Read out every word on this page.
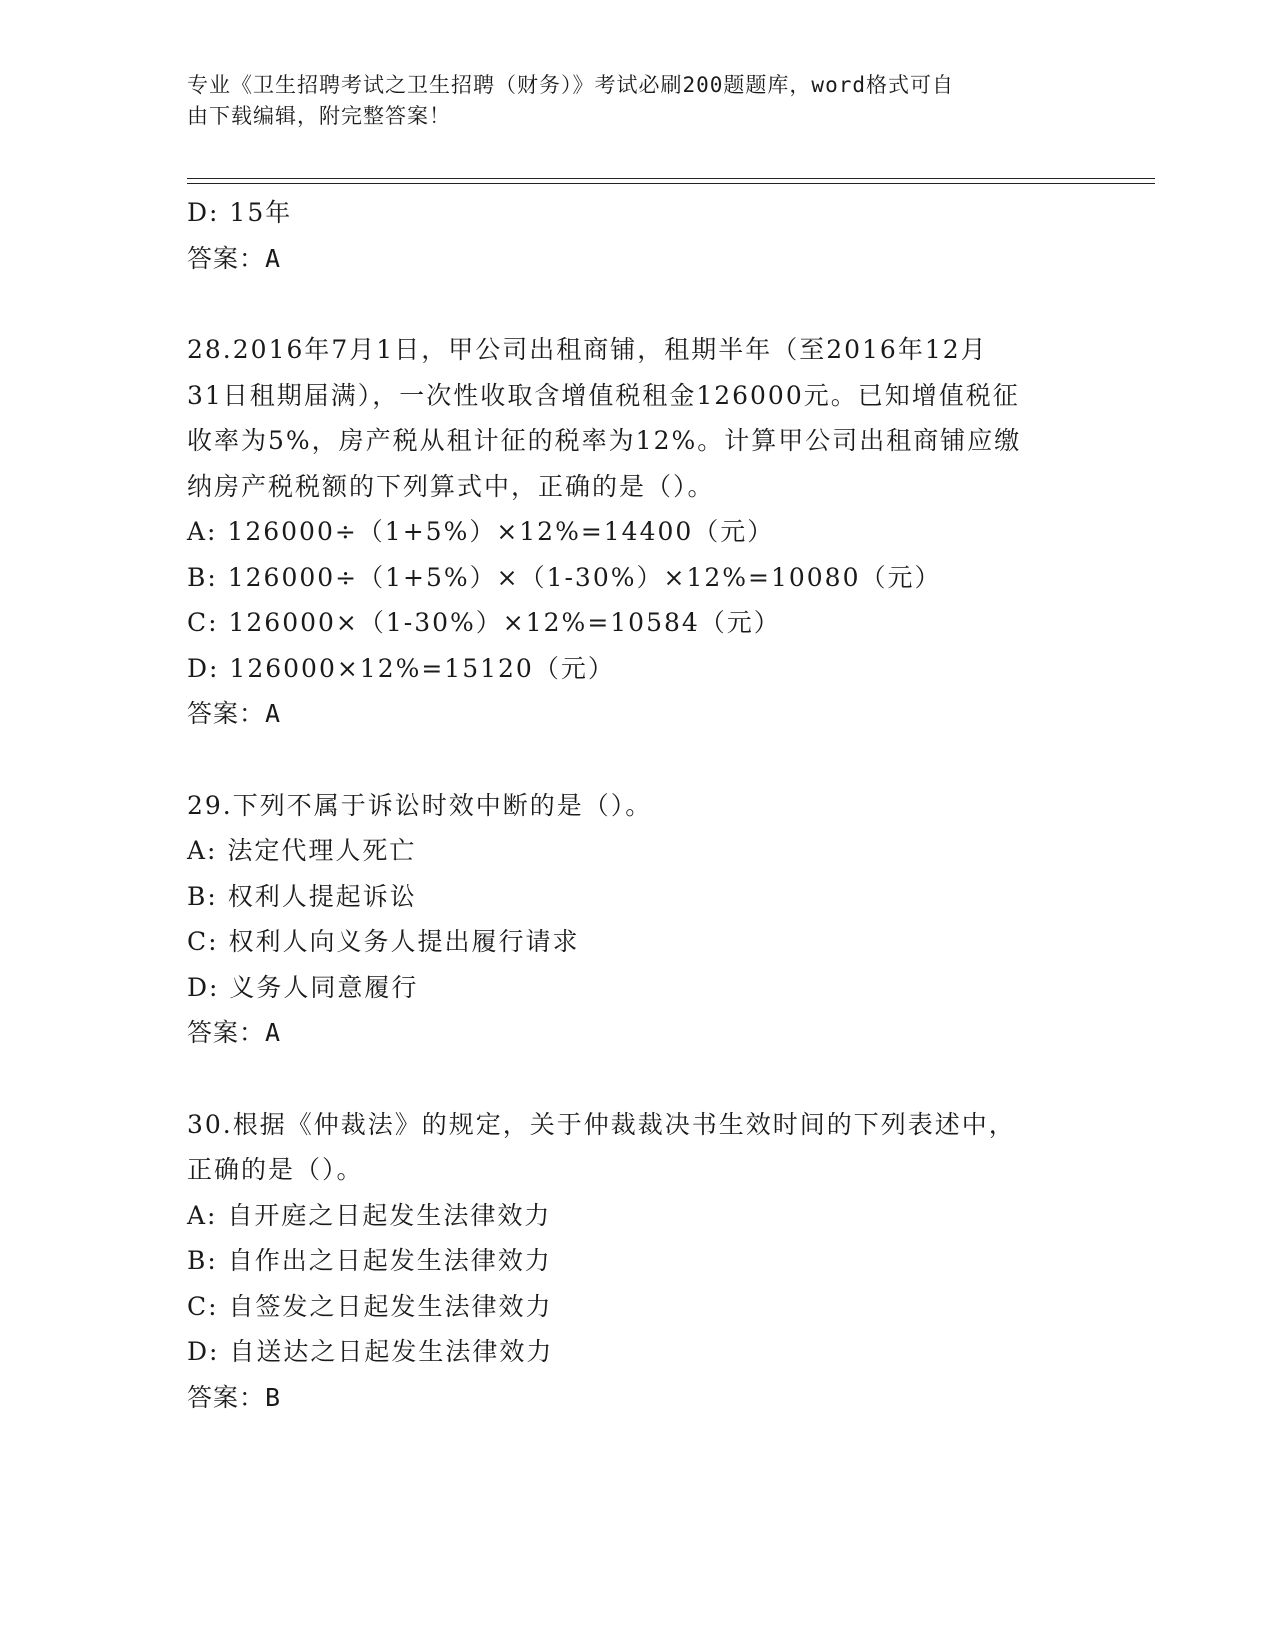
专业《卫生招聘考试之卫生招聘（财务）》考试必刷200题题库，word格式可自
由下载编辑，附完整答案！
D: 15年
答案：A
28.2016年7月1日，甲公司出租商铺，租期半年（至2016年12月
31日租期届满），一次性收取含增值税租金126000元。已知增值税征
收率为5%，房产税从租计征的税率为12%。计算甲公司出租商铺应缴
纳房产税税额的下列算式中，正确的是（）。
A: 126000÷（1+5%）×12%=14400（元）
B: 126000÷（1+5%）×（1-30%）×12%=10080（元）
C: 126000×（1-30%）×12%=10584（元）
D: 126000×12%=15120（元）
答案：A
29.下列不属于诉讼时效中断的是（）。
A: 法定代理人死亡
B: 权利人提起诉讼
C: 权利人向义务人提出履行请求
D: 义务人同意履行
答案：A
30.根据《仲裁法》的规定，关于仲裁裁决书生效时间的下列表述中，
正确的是（）。
A: 自开庭之日起发生法律效力
B: 自作出之日起发生法律效力
C: 自签发之日起发生法律效力
D: 自送达之日起发生法律效力
答案：B
